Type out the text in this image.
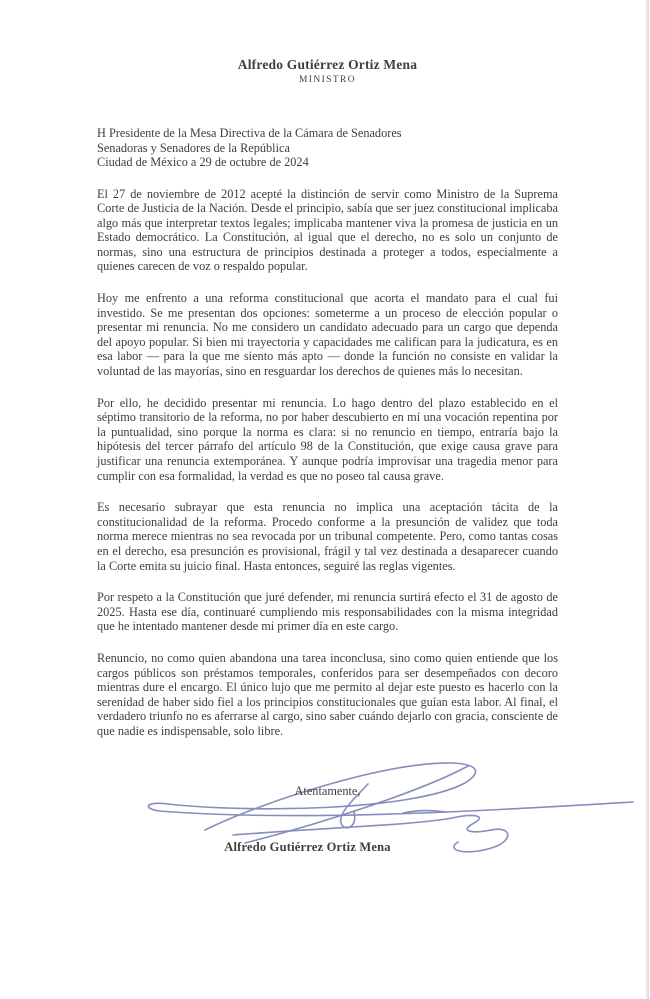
Alfredo Gutiérrez Ortiz Mena
MINISTRO
H Presidente de la Mesa Directiva de la Cámara de Senadores
Senadoras y Senadores de la República
Ciudad de México a 29 de octubre de 2024

El 27 de noviembre de 2012 acepté la distinción de servir como Ministro de la Suprema Corte de Justicia de la Nación. Desde el principio, sabía que ser juez constitucional implicaba algo más que interpretar textos legales; implicaba mantener viva la promesa de justicia en un Estado democrático. La Constitución, al igual que el derecho, no es solo un conjunto de normas, sino una estructura de principios destinada a proteger a todos, especialmente a quienes carecen de voz o respaldo popular.

Hoy me enfrento a una reforma constitucional que acorta el mandato para el cual fui investido. Se me presentan dos opciones: someterme a un proceso de elección popular o presentar mi renuncia. No me considero un candidato adecuado para un cargo que dependa del apoyo popular. Si bien mi trayectoria y capacidades me califican para la judicatura, es en esa labor — para la que me siento más apto — donde la función no consiste en validar la voluntad de las mayorías, sino en resguardar los derechos de quienes más lo necesitan.

Por ello, he decidido presentar mi renuncia. Lo hago dentro del plazo establecido en el séptimo transitorio de la reforma, no por haber descubierto en mí una vocación repentina por la puntualidad, sino porque la norma es clara: si no renuncio en tiempo, entraría bajo la hipótesis del tercer párrafo del artículo 98 de la Constitución, que exige causa grave para justificar una renuncia extemporánea. Y aunque podría improvisar una tragedia menor para cumplir con esa formalidad, la verdad es que no poseo tal causa grave.

Es necesario subrayar que esta renuncia no implica una aceptación tácita de la constitucionalidad de la reforma. Procedo conforme a la presunción de validez que toda norma merece mientras no sea revocada por un tribunal competente. Pero, como tantas cosas en el derecho, esa presunción es provisional, frágil y tal vez destinada a desaparecer cuando la Corte emita su juicio final. Hasta entonces, seguiré las reglas vigentes.

Por respeto a la Constitución que juré defender, mi renuncia surtirá efecto el 31 de agosto de 2025. Hasta ese día, continuaré cumpliendo mis responsabilidades con la misma integridad que he intentado mantener desde mi primer día en este cargo.

Renuncio, no como quien abandona una tarea inconclusa, sino como quien entiende que los cargos públicos son préstamos temporales, conferidos para ser desempeñados con decoro mientras dure el encargo. El único lujo que me permito al dejar este puesto es hacerlo con la serenidad de haber sido fiel a los principios constitucionales que guían esta labor. Al final, el verdadero triunfo no es aferrarse al cargo, sino saber cuándo dejarlo con gracia, consciente de que nadie es indispensable, solo libre.

Atentamente,
Alfredo Gutiérrez Ortiz Mena
